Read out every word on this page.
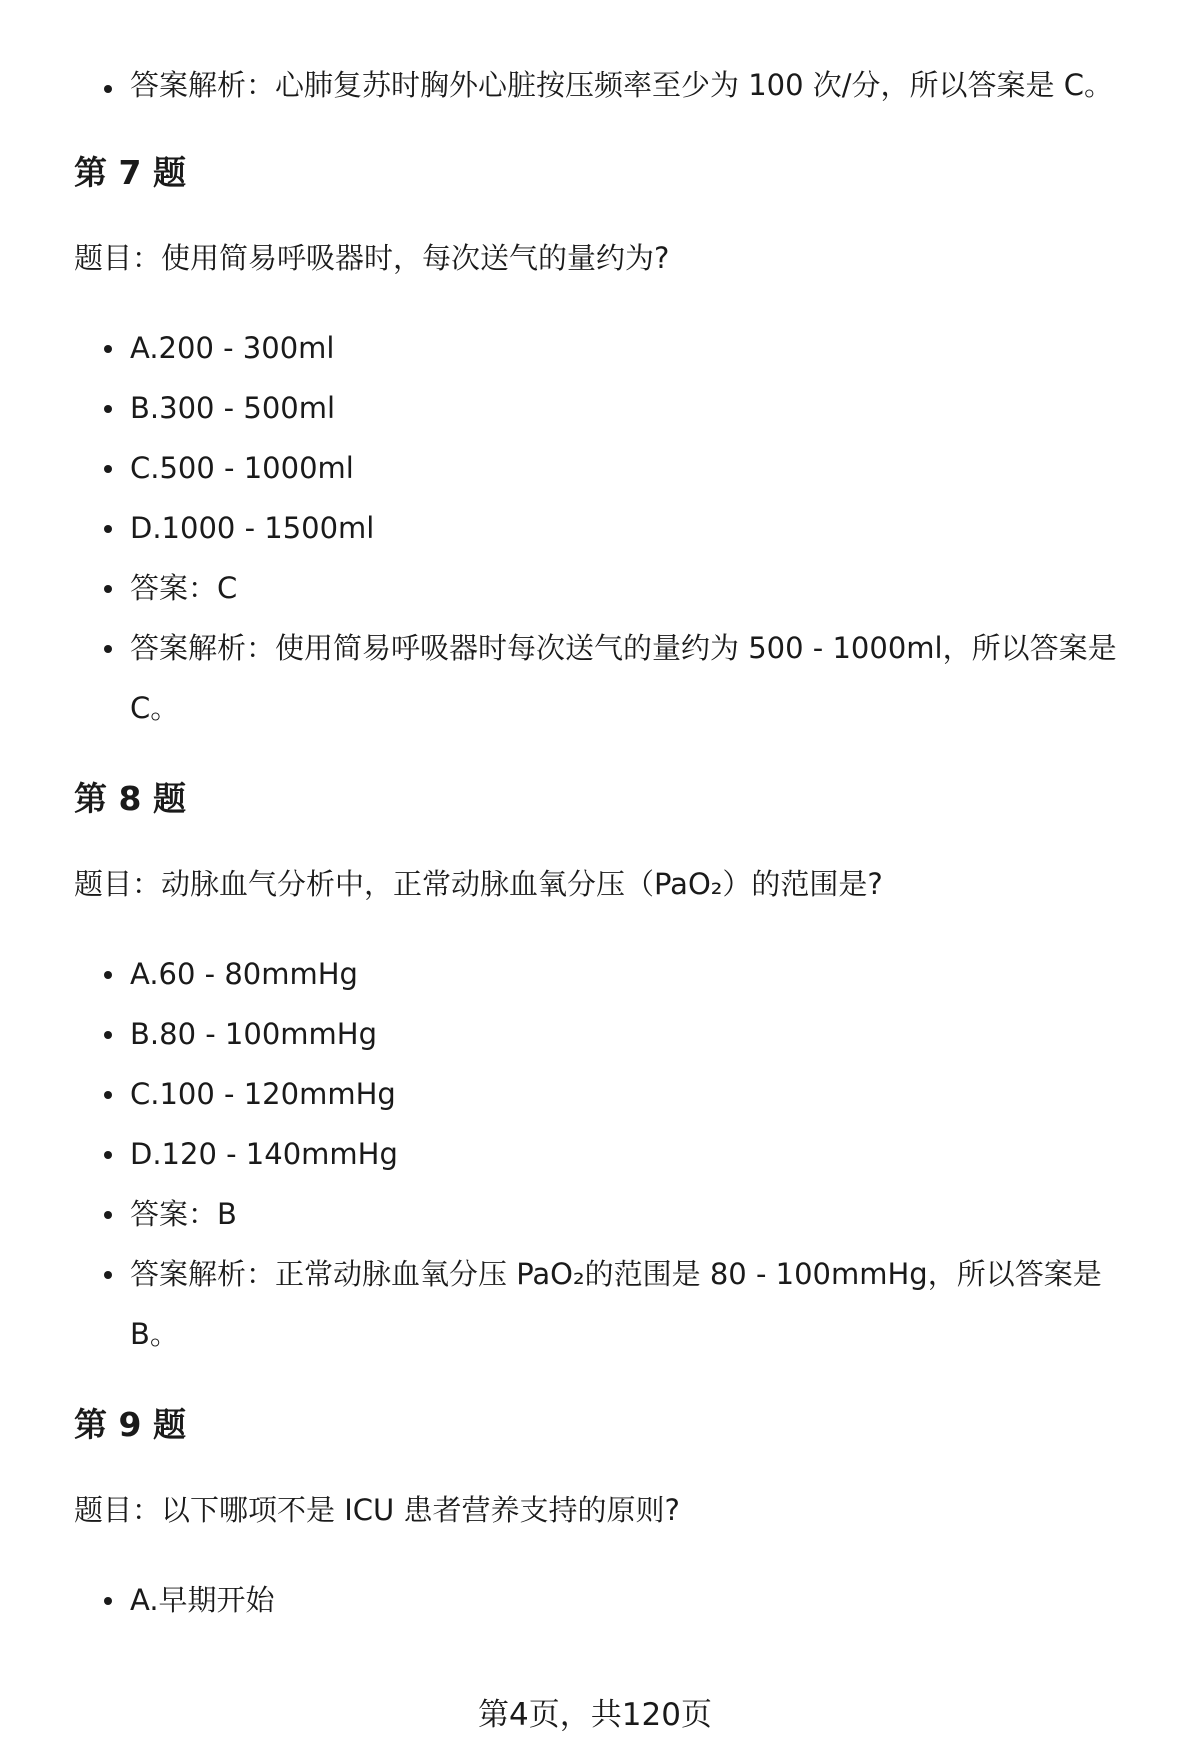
答案解析：心肺复苏时胸外心脏按压频率至少为 100 次/分，所以答案是 C。
第 7 题

题目：使用简易呼吸器时，每次送气的量约为?

A.200 - 300ml
B.300 - 500ml
C.500 - 1000ml
D.1000 - 1500ml
答案：C
答案解析：使用简易呼吸器时每次送气的量约为 500 - 1000ml，所以答案是 C。
第 8 题

题目：动脉血气分析中，正常动脉血氧分压（PaO₂）的范围是?

A.60 - 80mmHg
B.80 - 100mmHg
C.100 - 120mmHg
D.120 - 140mmHg
答案：B
答案解析：正常动脉血氧分压 PaO₂的范围是 80 - 100mmHg，所以答案是 B。
第 9 题

题目：以下哪项不是 ICU 患者营养支持的原则?

A.早期开始
第4页，共120页
